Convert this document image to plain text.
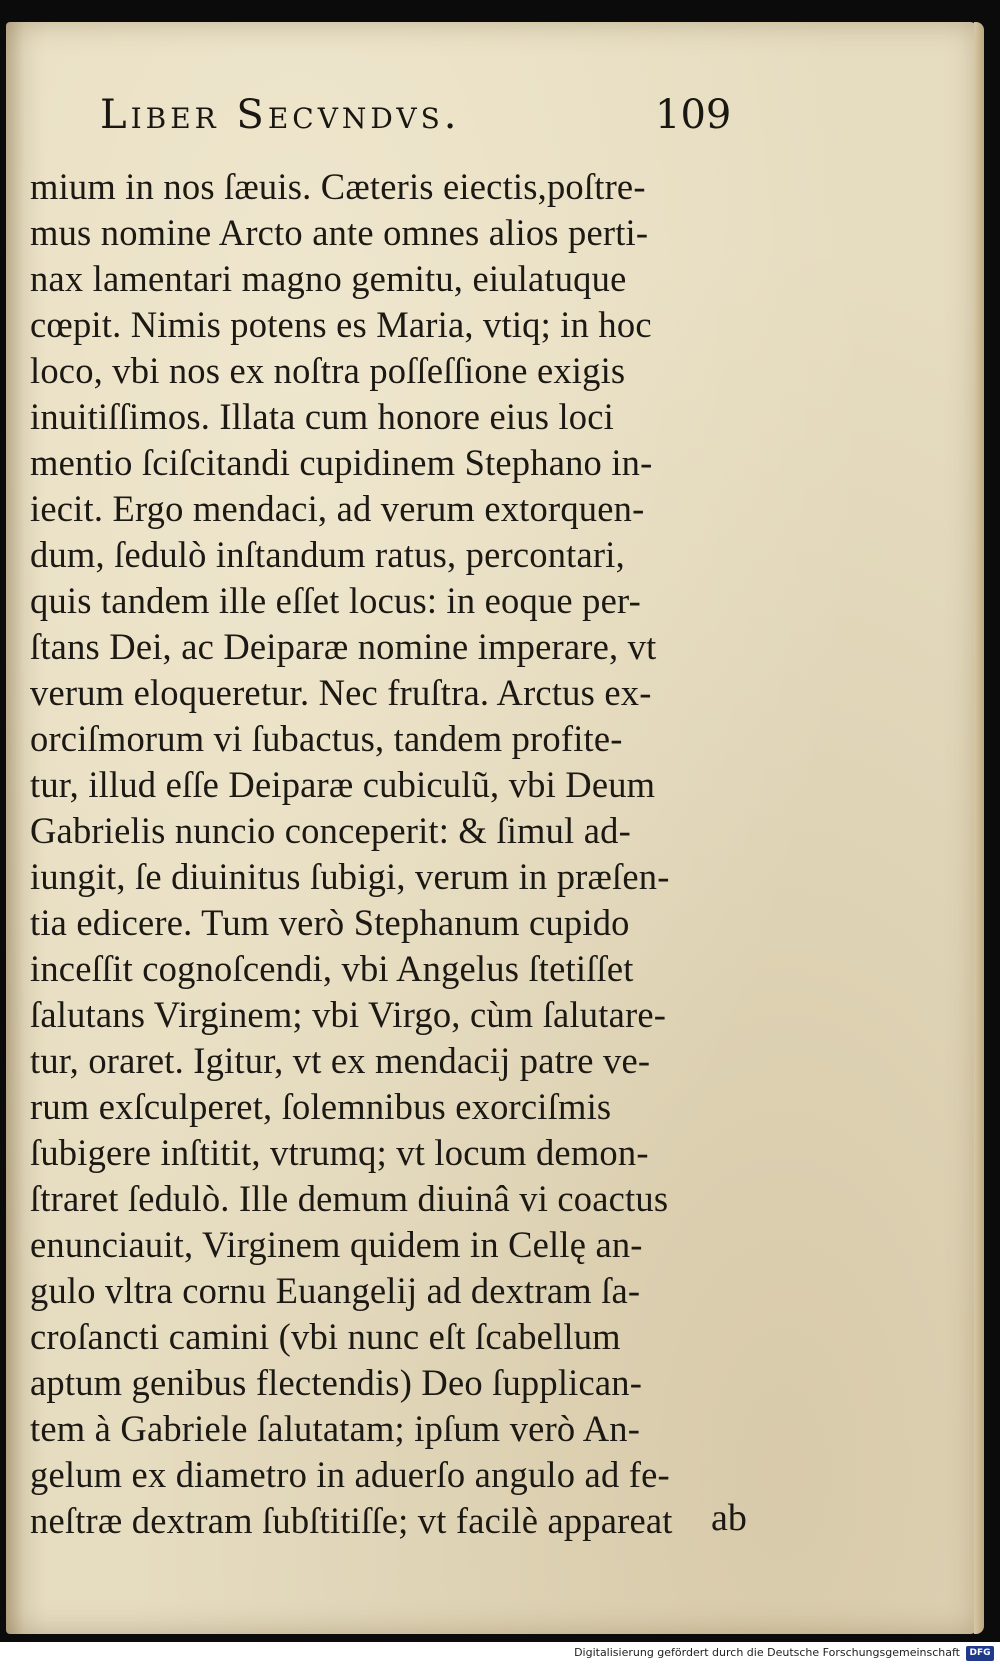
Liber Secvndvs.	109
mium in nos ſæuis. Cæteris eiectis,poſtre-
mus nomine Arcto ante omnes alios perti-
nax lamentari magno gemitu, eiulatuque
cœpit. Nimis potens es Maria, vtiq; in hoc
loco, vbi nos ex noſtra poſſeſſione exigis
inuitiſſimos. Illata cum honore eius loci
mentio ſciſcitandi cupidinem Stephano in-
iecit. Ergo mendaci, ad verum extorquen-
dum, ſedulò inſtandum ratus, percontari,
quis tandem ille eſſet locus: in eoque per-
ſtans Dei, ac Deiparæ nomine imperare, vt
verum eloqueretur. Nec fruſtra. Arctus ex-
orciſmorum vi ſubactus, tandem profite-
tur, illud eſſe Deiparæ cubiculũ, vbi Deum
Gabrielis nuncio conceperit: & ſimul ad-
iungit, ſe diuinitus ſubigi, verum in præſen-
tia edicere. Tum verò Stephanum cupido
inceſſit cognoſcendi, vbi Angelus ſtetiſſet
ſalutans Virginem; vbi Virgo, cùm ſalutare-
tur, oraret. Igitur, vt ex mendacij patre ve-
rum exſculperet, ſolemnibus exorciſmis
ſubigere inſtitit, vtrumq; vt locum demon-
ſtraret ſedulò. Ille demum diuinâ vi coactus
enunciauit, Virginem quidem in Cellę an-
gulo vltra cornu Euangelij ad dextram ſa-
croſancti camini (vbi nunc eſt ſcabellum
aptum genibus flectendis) Deo ſupplican-
tem à Gabriele ſalutatam; ipſum verò An-
gelum ex diametro in aduerſo angulo ad fe-
neſtræ dextram ſubſtitiſſe; vt facilè appareat	ab
Digitalisierung gefördert durch die Deutsche Forschungsgemeinschaft	DFG
